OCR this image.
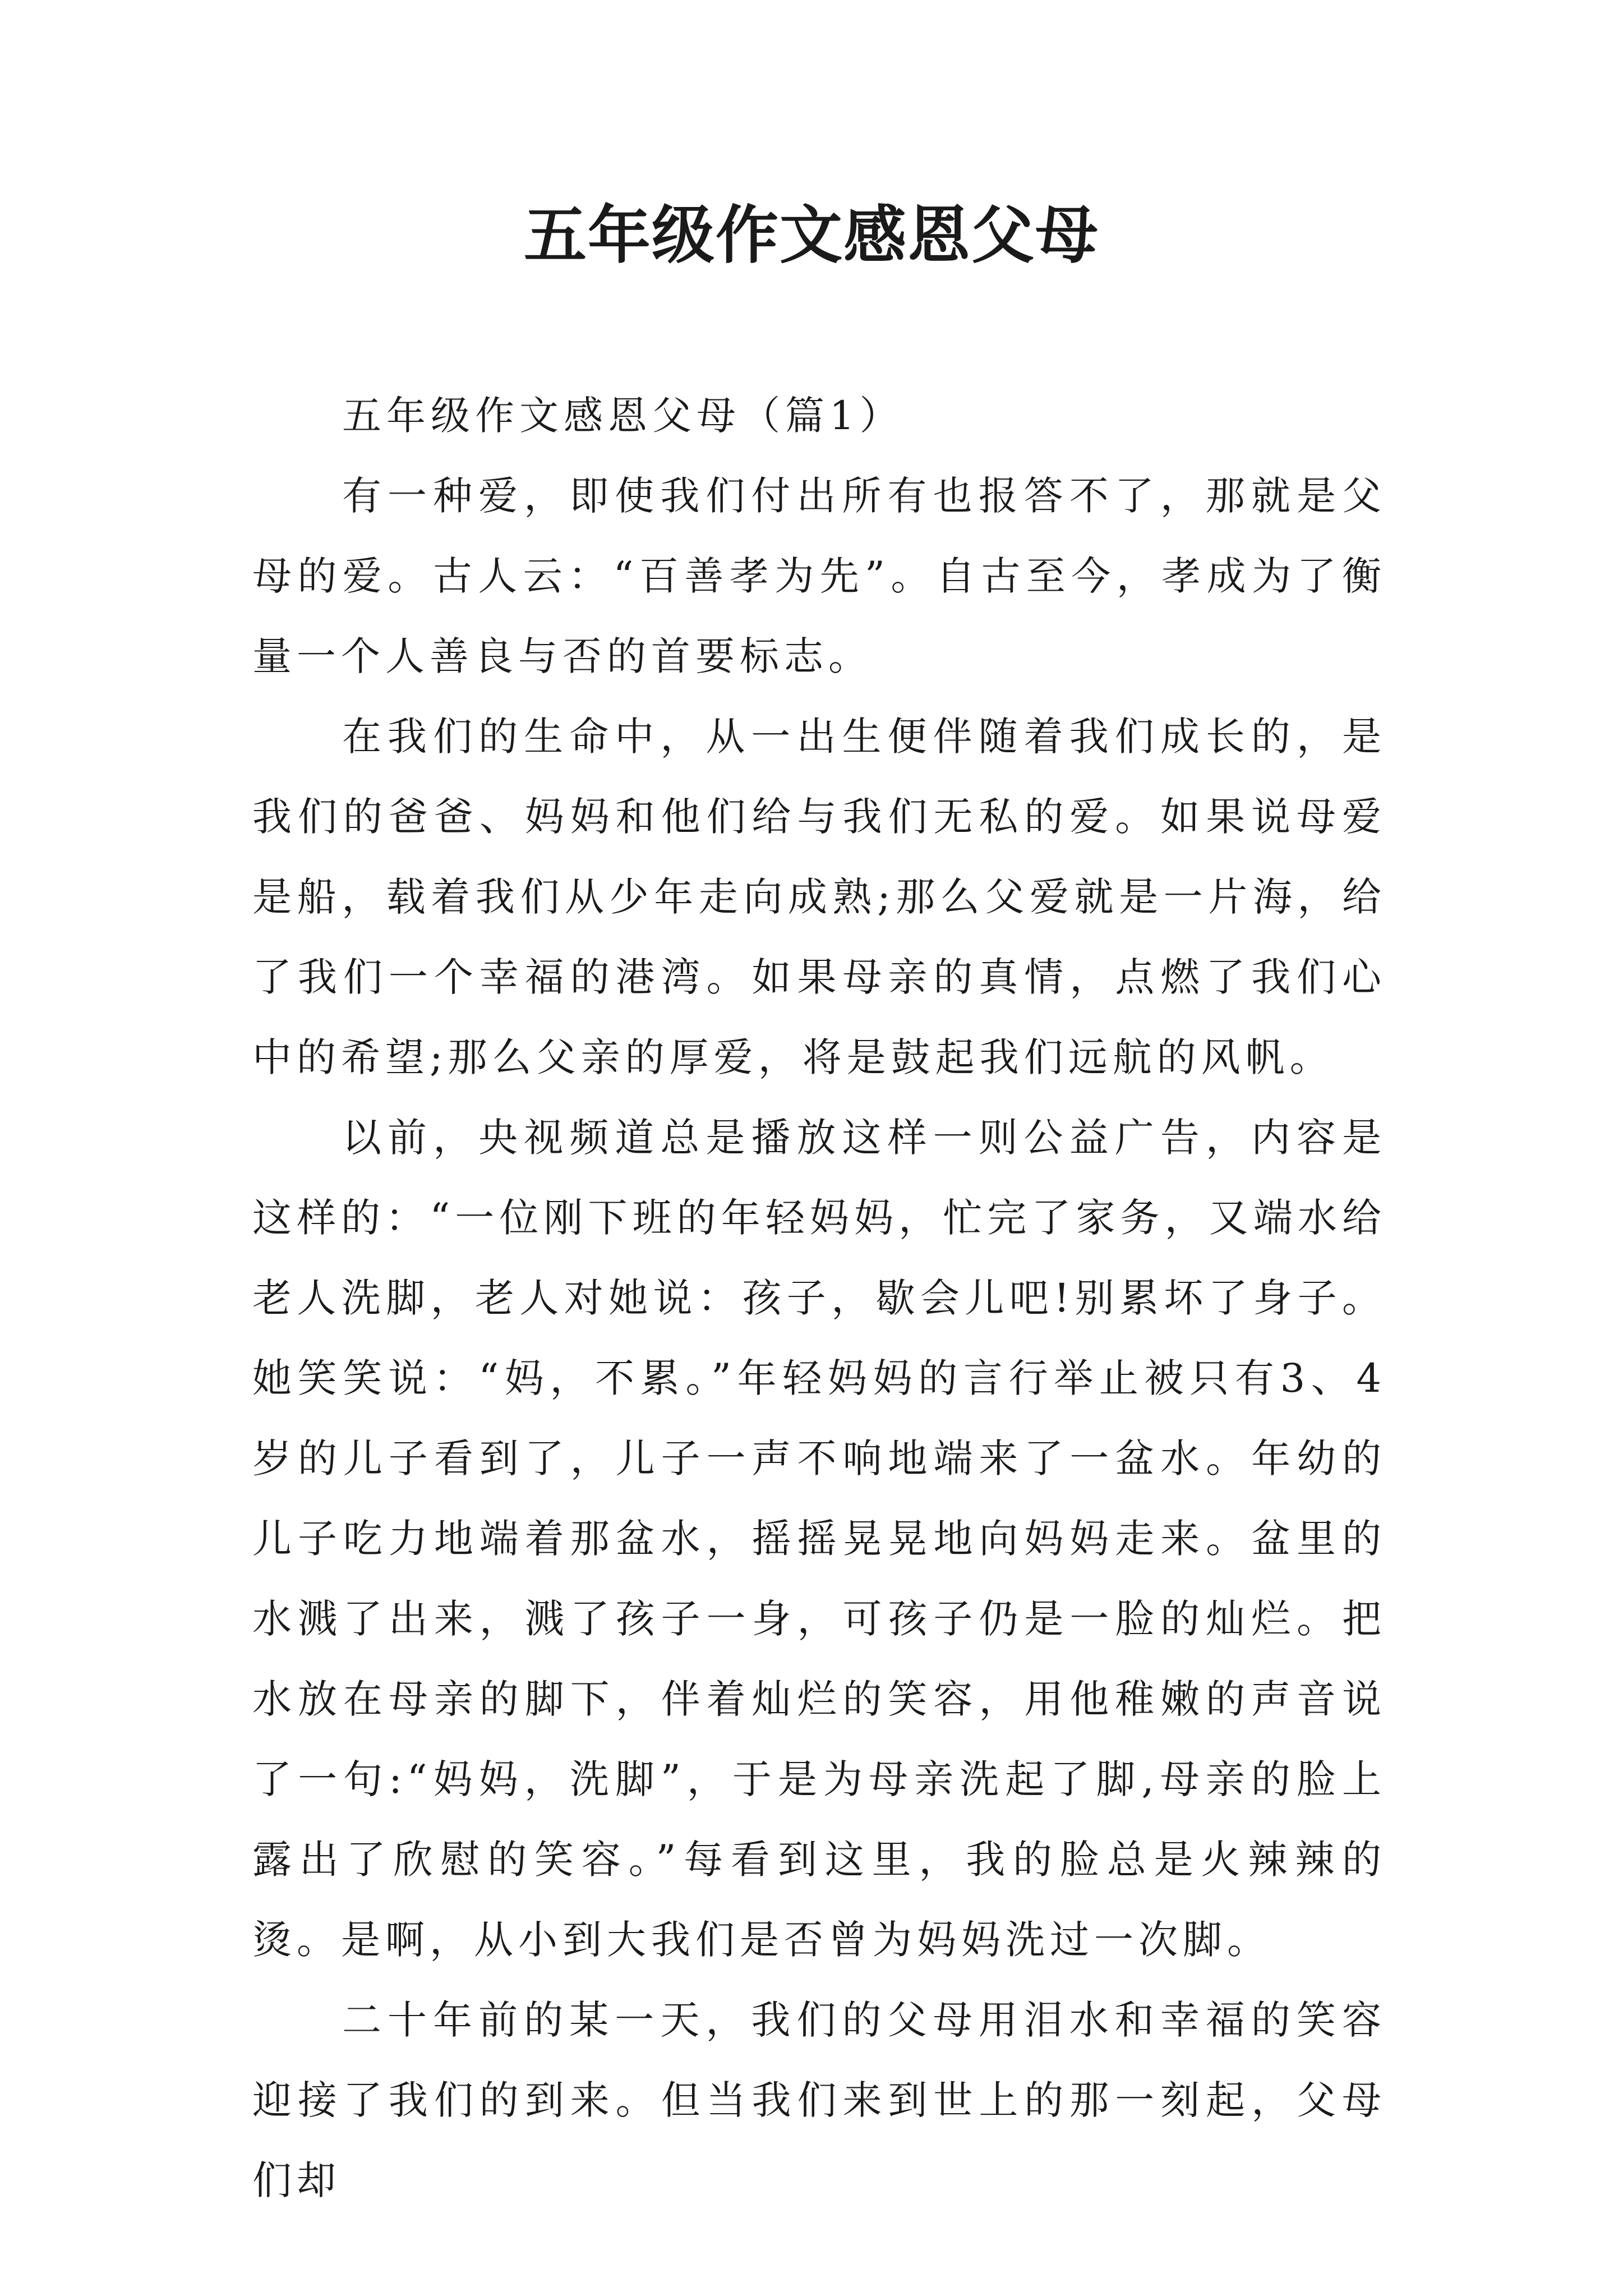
五年级作文感恩父母

五年级作文感恩父母（篇1）

有一种爱，即使我们付出所有也报答不了，那就是父母的爱。古人云：“百善孝为先”。自古至今，孝成为了衡量一个人善良与否的首要标志。

在我们的生命中，从一出生便伴随着我们成长的，是我们的爸爸、妈妈和他们给与我们无私的爱。如果说母爱是船，载着我们从少年走向成熟;那么父爱就是一片海，给了我们一个幸福的港湾。如果母亲的真情，点燃了我们心中的希望;那么父亲的厚爱，将是鼓起我们远航的风帆。

以前，央视频道总是播放这样一则公益广告，内容是这样的：“一位刚下班的年轻妈妈，忙完了家务，又端水给老人洗脚，老人对她说：孩子，歇会儿吧!别累坏了身子。她笑笑说：“妈，不累。”年轻妈妈的言行举止被只有3、4岁的儿子看到了，儿子一声不响地端来了一盆水。年幼的儿子吃力地端着那盆水，摇摇晃晃地向妈妈走来。盆里的水溅了出来，溅了孩子一身，可孩子仍是一脸的灿烂。把水放在母亲的脚下，伴着灿烂的笑容，用他稚嫩的声音说了一句:“妈妈，洗脚”，于是为母亲洗起了脚,母亲的脸上露出了欣慰的笑容。”每看到这里，我的脸总是火辣辣的烫。是啊，从小到大我们是否曾为妈妈洗过一次脚。

二十年前的某一天，我们的父母用泪水和幸福的笑容迎接了我们的到来。但当我们来到世上的那一刻起，父母们却
